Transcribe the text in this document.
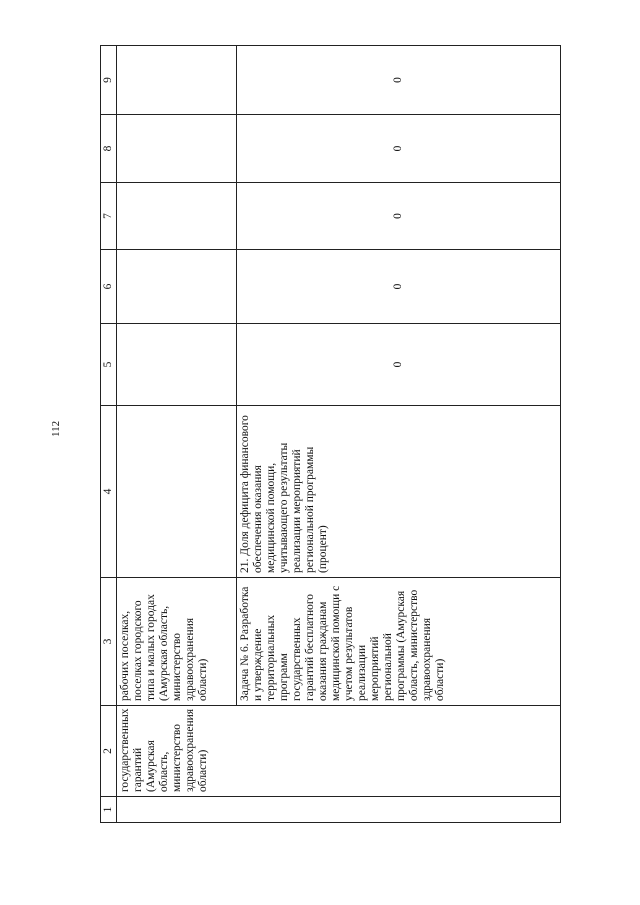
112
1	2	3	4	5	6	7	8	9
	государственных гарантий (Амурская область, министерство здравоохранения области)	рабочих поселках, поселках городского типа и малых городах (Амурская область, министерство здравоохранения области)						
		Задача № 6. Разработка и утверждение территориальных программ государственных гарантий бесплатного оказания гражданам медицинской помощи с учетом результатов реализации мероприятий региональной программы (Амурская область, министерство здравоохранения области)	21. Доля дефицита финансового обеспечения оказания медицинской помощи, учитывающего результаты реализации мероприятий региональной программы (процент)	0	0	0	0	0
